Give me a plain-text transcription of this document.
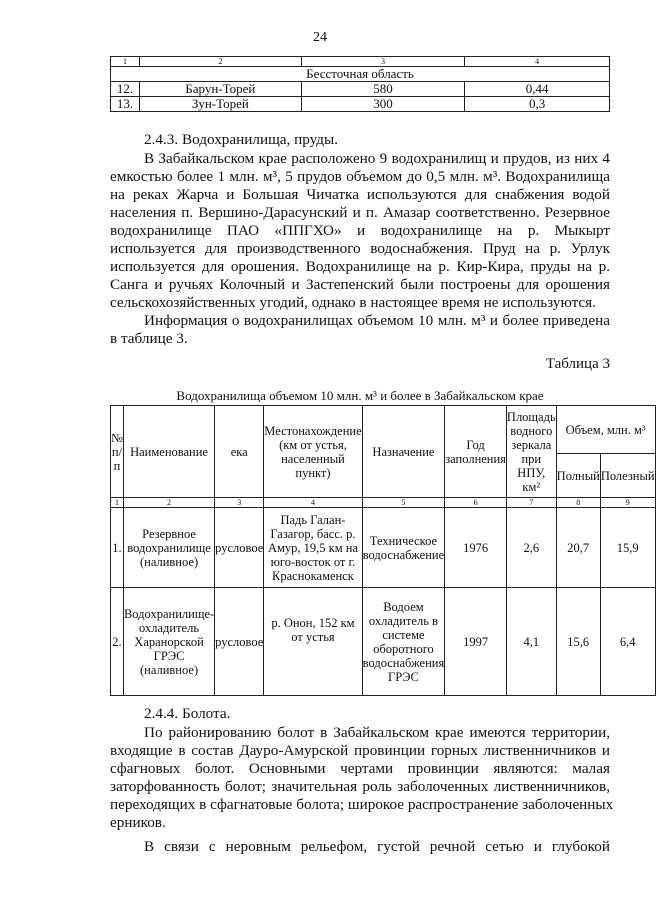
24
1	2	3	4
Бессточная область			
12.	Барун-Торей	580	0,44
13.	Зун-Торей	300	0,3
2.4.3. Водохранилища, пруды.
В Забайкальском крае расположено 9 водохранилищ и прудов, из них 4
емкостью более 1 млн. м³, 5 прудов объемом до 0,5 млн. м³. Водохранилища
на реках Жарча и Большая Чичатка используются для снабжения водой
населения п. Вершино-Дарасунский и п. Амазар соответственно. Резервное
водохранилище ПАО «ППГХО» и водохранилище на р. Мыкырт
используется для производственного водоснабжения. Пруд на р. Урлук
используется для орошения. Водохранилище на р. Кир-Кира, пруды на р.
Санга и ручьях Колочный и Застепенский были построены для орошения
сельскохозяйственных угодий, однако в настоящее время не используются.
Информация о водохранилищах объемом 10 млн. м³ и более приведена
в таблице 3.
Таблица 3
Водохранилища объемом 10 млн. м³ и более в Забайкальском крае
№ п/п	Наименование	ека	Местонахождение (км от устья, населенный пункт)	Назначение	Год заполнения	Площадь водного зеркала при НПУ, км²	Объем, млн. м³	
							Полный	Полезный
1	2	3	4	5	6	7	8	9
1.	Резервное водохранилище (наливное)	русловое	Падь Галан-Газагор, басс. р. Амур, 19,5 км на юго-восток от г. Краснокаменск	Техническое водоснабжение	1976	2,6	20,7	15,9
2.	Водохранилище-охладитель Харанорской ГРЭС (наливное)	русловое	р. Онон, 152 км от устья	Водоем охладитель в системе оборотного водоснабжения ГРЭС	1997	4,1	15,6	6,4
2.4.4. Болота.
По районированию болот в Забайкальском крае имеются территории,
входящие в состав Дауро-Амурской провинции горных лиственничников и
сфагновых болот. Основными чертами провинции являются: малая
заторфованность болот; значительная роль заболоченных лиственничников,
переходящих в сфагнатовые болота; широкое распространение заболоченных
ерников.
В связи с неровным рельефом, густой речной сетью и глубокой
